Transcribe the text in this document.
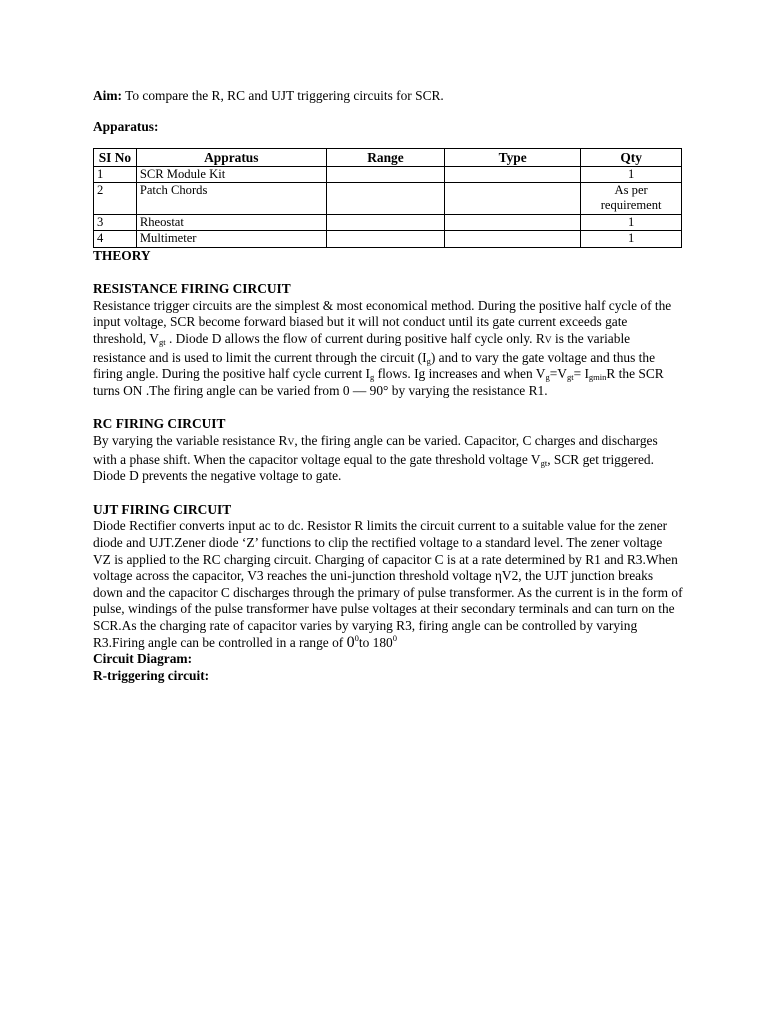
Aim: To compare the R, RC and UJT triggering circuits for SCR.

Apparatus:

SI No	Appratus	Range	Type	Qty
1	SCR Module Kit			1
2	Patch Chords			As per requirement
3	Rheostat			1
4	Multimeter			1
THEORY
RESISTANCE FIRING CIRCUIT

Resistance trigger circuits are the simplest & most economical method. During the positive half cycle of the input voltage, SCR become forward biased but it will not conduct until its gate current exceeds gate threshold, $V_{gt}$ . Diode D allows the flow of current during positive half cycle only. RV is the variable resistance and is used to limit the current through the circuit $(I_g)$ and to vary the gate voltage and thus the firing angle. During the positive half cycle current $I_g$ flows. Ig increases and when $V_g=V_{gt}= I_{gmin}R$ the SCR turns ON .The firing angle can be varied from 0 — 90° by varying the resistance R1.

RC FIRING CIRCUIT

By varying the variable resistance RV, the firing angle can be varied. Capacitor, C charges and discharges with a phase shift. When the capacitor voltage equal to the gate threshold voltage $V_{gt}$, SCR get triggered. Diode D prevents the negative voltage to gate.

UJT FIRING CIRCUIT

Diode Rectifier converts input ac to dc. Resistor R limits the circuit current to a suitable value for the zener diode and UJT.Zener diode ‘Z’ functions to clip the rectified voltage to a standard level. The zener voltage VZ is applied to the RC charging circuit. Charging of capacitor C is at a rate determined by R1 and R3.When voltage across the capacitor, V3 reaches the uni-junction threshold voltage ηV2, the UJT junction breaks down and the capacitor C discharges through the primary of pulse transformer. As the current is in the form of pulse, windings of the pulse transformer have pulse voltages at their secondary terminals and can turn on the SCR.As the charging rate of capacitor varies by varying R3, firing angle can be controlled by varying R3.Firing angle can be controlled in a range of $0^0to$ $180^0$

Circuit Diagram:
R-triggering circuit:
